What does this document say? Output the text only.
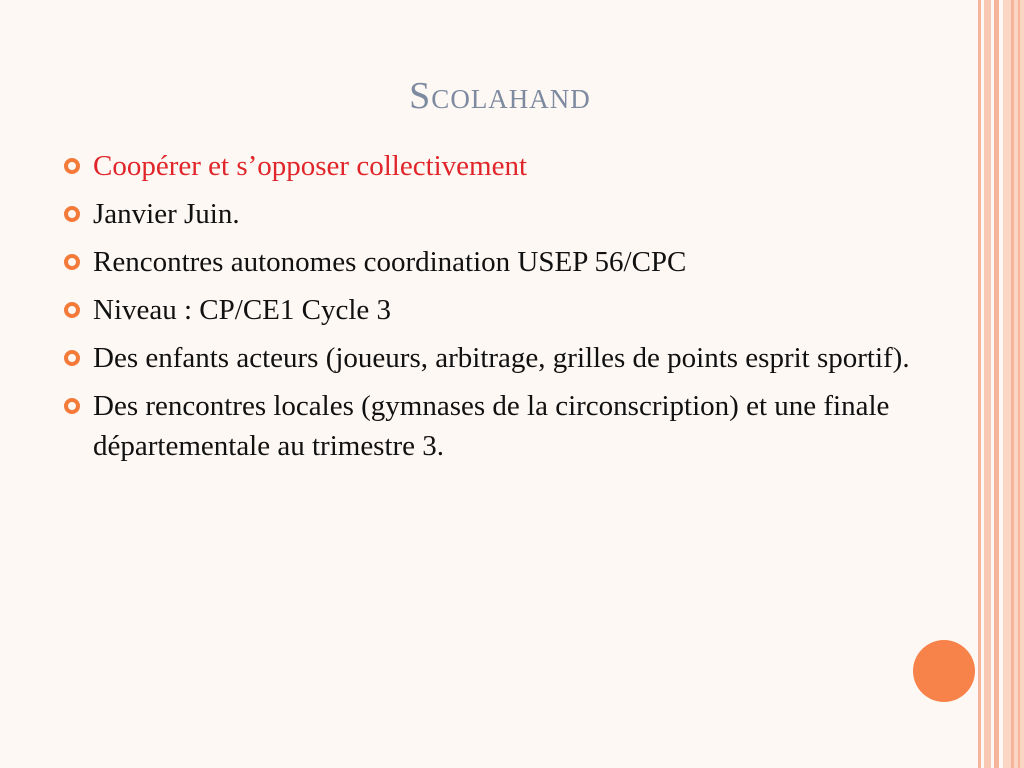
Scolahand
Coopérer et s’opposer collectivement
Janvier Juin.
Rencontres autonomes coordination USEP 56/CPC
Niveau : CP/CE1 Cycle 3
Des enfants acteurs (joueurs, arbitrage, grilles de points esprit sportif).
Des rencontres locales (gymnases de la circonscription) et une finale départementale au trimestre 3.
